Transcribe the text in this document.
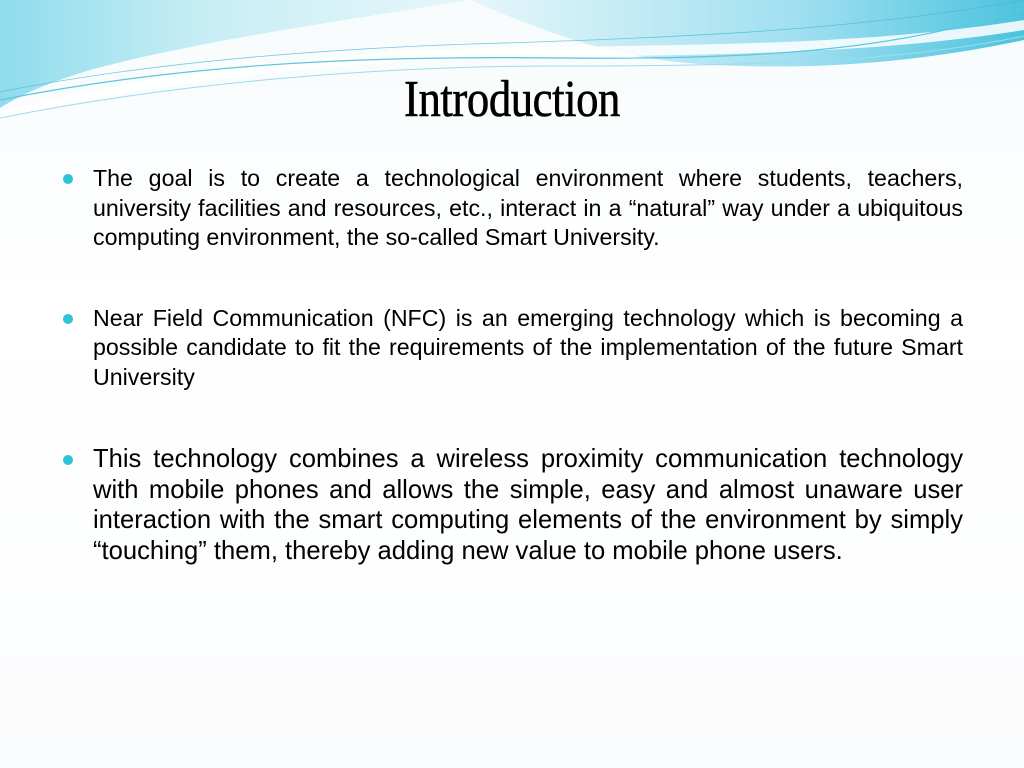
Introduction
The goal is to create a technological environment where students, teachers, university facilities and resources, etc., interact in a “natural” way under a ubiquitous computing environment, the so-called Smart University.
Near Field Communication (NFC) is an emerging technology which is becoming a possible candidate to fit the requirements of the implementation of the future Smart University
This technology combines a wireless proximity communication technology with mobile phones and allows the simple, easy and almost unaware user interaction with the smart computing elements of the environment by simply “touching” them, thereby adding new value to mobile phone users.
